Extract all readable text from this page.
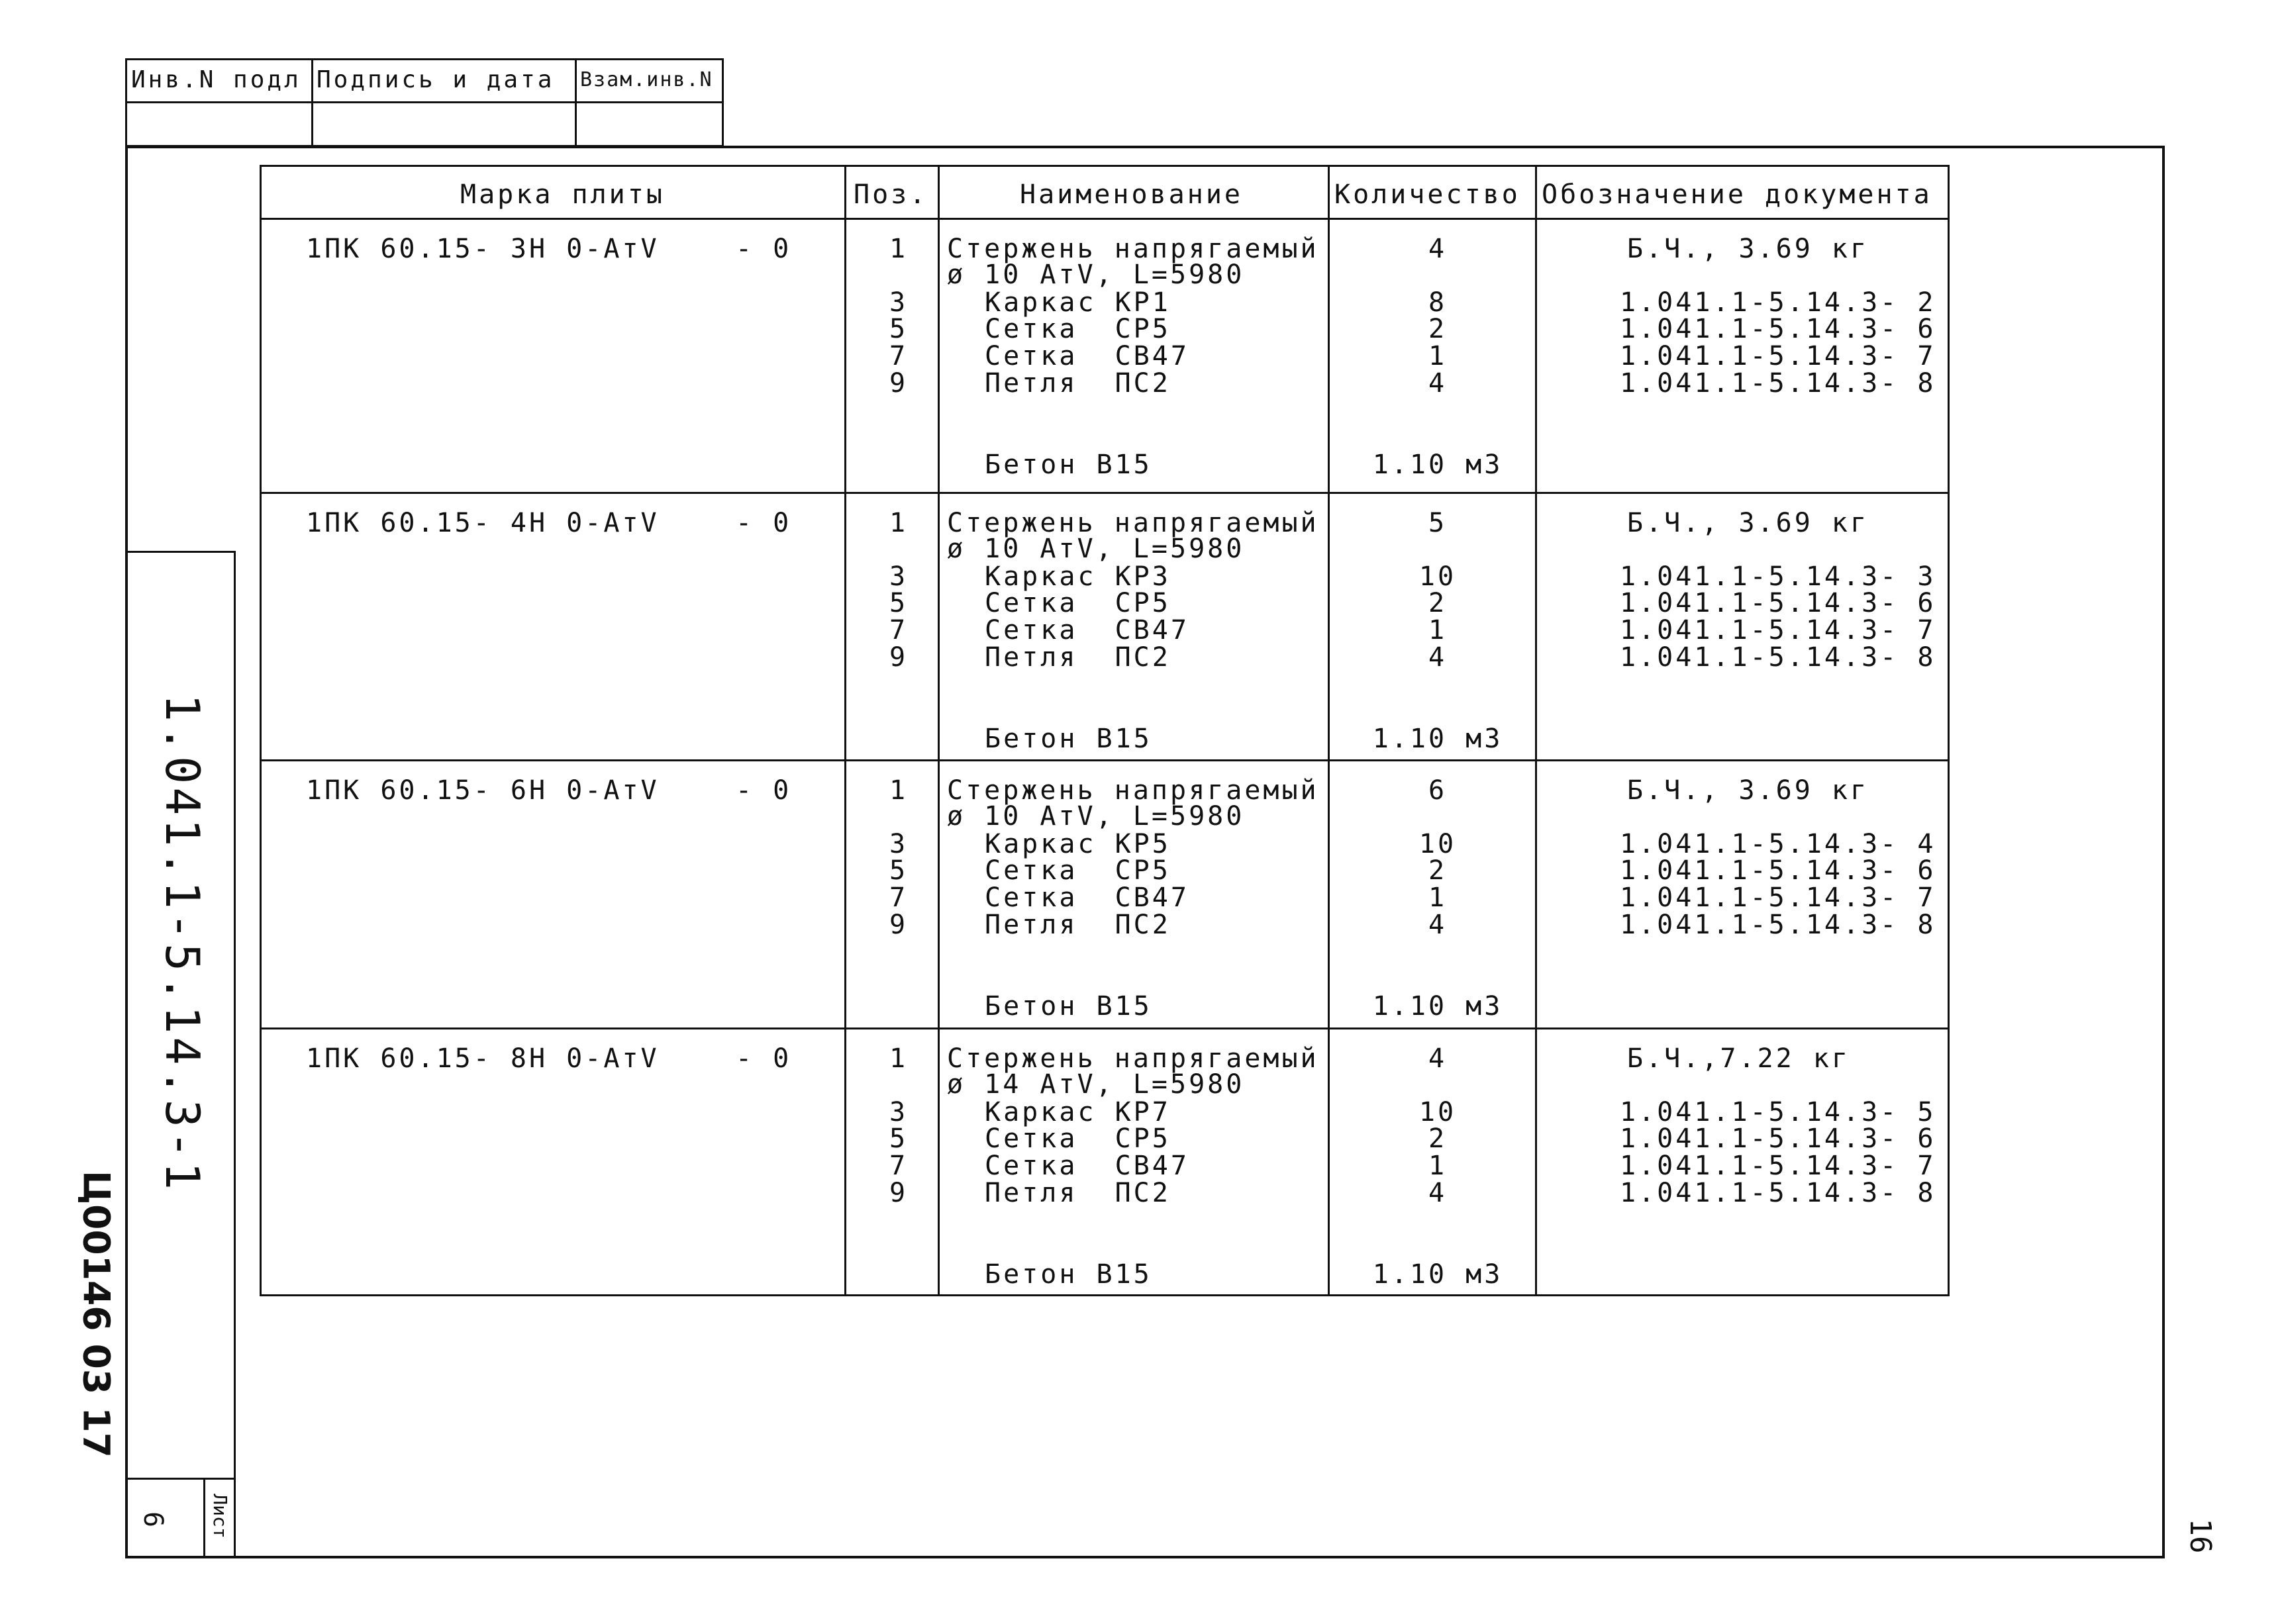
Инв.N подл Подпись и дата Взам.инв.N
1.041.1-5.14.3-1
6 Лист
Ц00146 03 17
16
Марка плиты	Поз.	Наименование	Количество Обозначение документа
1ПК 60.15- 3Н 0-АтV	- 0	1	Стержень напрягаемый	4	Б.Ч., 3.69 кг
ø 10 АтV, L=5980
3	Каркас КР1	8	1.041.1-5.14.3- 2
5	Сетка  СР5	2	1.041.1-5.14.3- 6
7	Сетка  СВ47	1	1.041.1-5.14.3- 7
9	Петля  ПС2	4	1.041.1-5.14.3- 8
Бетон В15	1.10 м3
1ПК 60.15- 4Н 0-АтV	- 0	1	Стержень напрягаемый	5	Б.Ч., 3.69 кг
ø 10 АтV, L=5980
3	Каркас КР3	10	1.041.1-5.14.3- 3
5	Сетка  СР5	2	1.041.1-5.14.3- 6
7	Сетка  СВ47	1	1.041.1-5.14.3- 7
9	Петля  ПС2	4	1.041.1-5.14.3- 8
Бетон В15	1.10 м3
1ПК 60.15- 6Н 0-АтV	- 0	1	Стержень напрягаемый	6	Б.Ч., 3.69 кг
ø 10 АтV, L=5980
3	Каркас КР5	10	1.041.1-5.14.3- 4
5	Сетка  СР5	2	1.041.1-5.14.3- 6
7	Сетка  СВ47	1	1.041.1-5.14.3- 7
9	Петля  ПС2	4	1.041.1-5.14.3- 8
Бетон В15	1.10 м3
1ПК 60.15- 8Н 0-АтV	- 0	1	Стержень напрягаемый	4	Б.Ч.,7.22 кг
ø 14 АтV, L=5980
3	Каркас КР7	10	1.041.1-5.14.3- 5
5	Сетка  СР5	2	1.041.1-5.14.3- 6
7	Сетка  СВ47	1	1.041.1-5.14.3- 7
9	Петля  ПС2	4	1.041.1-5.14.3- 8
Бетон В15	1.10 м3
